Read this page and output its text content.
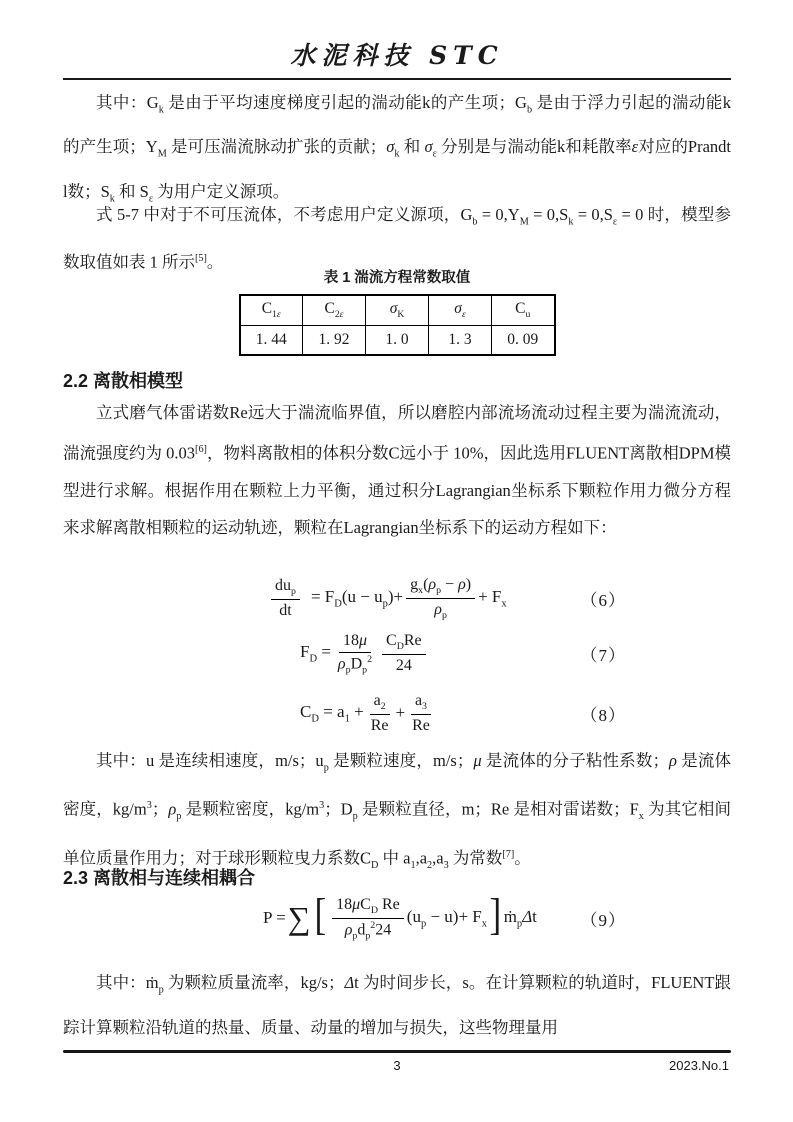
水泥科技 STC
其中：$G_k$ 是由于平均速度梯度引起的湍动能k的产生项；$G_b$ 是由于浮力引起的湍动能k的产生项；$Y_M$ 是可压湍流脉动扩张的贡献；$\sigma_k$ 和 $\sigma_\varepsilon$ 分别是与湍动能k和耗散率ε对应的Prandtl数；$S_k$ 和 $S_\varepsilon$ 为用户定义源项。
式 5-7 中对于不可压流体，不考虑用户定义源项，$G_b = 0,Y_M = 0,S_k = 0,S_\varepsilon = 0$ 时，模型参数取值如表 1 所示[5]。
表 1 湍流方程常数取值
$C_{1\varepsilon}$	$C_{2\varepsilon}$	$\sigma_K$	$\sigma_\varepsilon$	$C_u$
1. 44	1. 92	1. 0	1. 3	0. 09
2.2 离散相模型
立式磨气体雷诺数Re远大于湍流临界值，所以磨腔内部流场流动过程主要为湍流流动，湍流强度约为 0.03[6]，物料离散相的体积分数C远小于 10%，因此选用FLUENT离散相DPM模型进行求解。根据作用在颗粒上力平衡，通过积分Lagrangian坐标系下颗粒作用力微分方程来求解离散相颗粒的运动轨迹，颗粒在Lagrangian坐标系下的运动方程如下：
$\frac{du_p}{dt} = F_D(u - u_p)+ \frac{g_x(\rho_p - \rho)}{\rho_p} + F_x$	（6）
$F_D = \frac{18\mu}{\rho_pD_p^2} \frac{C_DRe}{24}$	（7）
$C_D = a_1 + \frac{a_2}{Re} + \frac{a_3}{Re}$	（8）
其中：u 是连续相速度，m/s；$u_p$ 是颗粒速度，m/s；μ 是流体的分子粘性系数；ρ 是流体密度，$kg/m^3$；$\rho_p$ 是颗粒密度，$kg/m^3$；$D_p$ 是颗粒直径，m；Re 是相对雷诺数；$F_x$ 为其它相间单位质量作用力；对于球形颗粒曳力系数$C_D$ 中 $a_1,a_2,a_3$ 为常数[7]。
2.3 离散相与连续相耦合
P = ∑ [ $\frac{18\mu C_D Re}{\rho_pd_p^224} (u_p - u)+ F_x$ ] ṁ$_p$Δt	（9）
其中：ṁ$_p$ 为颗粒质量流率，kg/s；Δt 为时间步长，s。在计算颗粒的轨道时，FLUENT跟踪计算颗粒沿轨道的热量、质量、动量的增加与损失，这些物理量用
3	2023.No.1
